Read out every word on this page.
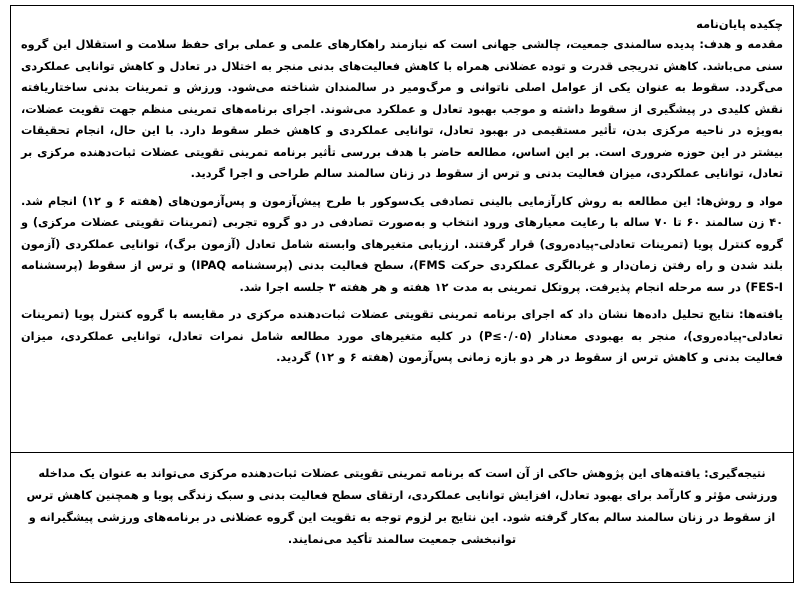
چکیده پایان‌نامه

مقدمه و هدف: پدیده سالمندی جمعیت، چالشی جهانی است که نیازمند راهکارهای علمی و عملی برای حفظ سلامت و استقلال این گروه سنی می‌باشد. کاهش تدریجی قدرت و توده عضلانی همراه با کاهش فعالیت‌های بدنی منجر به اختلال در تعادل و کاهش توانایی عملکردی می‌گردد. سقوط به عنوان یکی از عوامل اصلی ناتوانی و مرگ‌ومیر در سالمندان شناخته می‌شود. ورزش و تمرینات بدنی ساختاریافته نقش کلیدی در پیشگیری از سقوط داشته و موجب بهبود تعادل و عملکرد می‌شوند. اجرای برنامه‌های تمرینی منظم جهت تقویت عضلات، به‌ویژه در ناحیه مرکزی بدن، تأثیر مستقیمی در بهبود تعادل، توانایی عملکردی و کاهش خطر سقوط دارد. با این حال، انجام تحقیقات بیشتر در این حوزه ضروری است. بر این اساس، مطالعه حاضر با هدف بررسی تأثیر برنامه تمرینی تقویتی عضلات ثبات‌دهنده مرکزی بر تعادل، توانایی عملکردی، میزان فعالیت بدنی و ترس از سقوط در زنان سالمند سالم طراحی و اجرا گردید.

مواد و روش‌ها: این مطالعه به روش کارآزمایی بالینی تصادفی یک‌سوکور با طرح پیش‌آزمون و پس‌آزمون‌های (هفته ۶ و ۱۲) انجام شد. ۴۰ زن سالمند ۶۰ تا ۷۰ ساله با رعایت معیارهای ورود انتخاب و به‌صورت تصادفی در دو گروه تجربی (تمرینات تقویتی عضلات مرکزی) و گروه کنترل پویا (تمرینات تعادلی-پیاده‌روی) قرار گرفتند. ارزیابی متغیرهای وابسته شامل تعادل (آزمون برگ)، توانایی عملکردی (آزمون بلند شدن و راه رفتن زمان‌دار و غربالگری عملکردی حرکت FMS)، سطح فعالیت بدنی (پرسشنامه IPAQ) و ترس از سقوط (پرسشنامه FES-I) در سه مرحله انجام پذیرفت. پروتکل تمرینی به مدت ۱۲ هفته و هر هفته ۳ جلسه اجرا شد.

یافته‌ها: نتایج تحلیل داده‌ها نشان داد که اجرای برنامه تمرینی تقویتی عضلات ثبات‌دهنده مرکزی در مقایسه با گروه کنترل پویا (تمرینات تعادلی-پیاده‌روی)، منجر به بهبودی معنادار (P≤۰/۰۵) در کلیه متغیرهای مورد مطالعه شامل نمرات تعادل، توانایی عملکردی، میزان فعالیت بدنی و کاهش ترس از سقوط در هر دو بازه زمانی پس‌آزمون (هفته ۶ و ۱۲) گردید.

نتیجه‌گیری: یافته‌های این پژوهش حاکی از آن است که برنامه تمرینی تقویتی عضلات ثبات‌دهنده مرکزی می‌تواند به عنوان یک مداخله ورزشی مؤثر و کارآمد برای بهبود تعادل، افزایش توانایی عملکردی، ارتقای سطح فعالیت بدنی و سبک زندگی پویا و همچنین کاهش ترس از سقوط در زنان سالمند سالم به‌کار گرفته شود. این نتایج بر لزوم توجه به تقویت این گروه عضلانی در برنامه‌های ورزشی پیشگیرانه و توانبخشی جمعیت سالمند تأکید می‌نمایند.
